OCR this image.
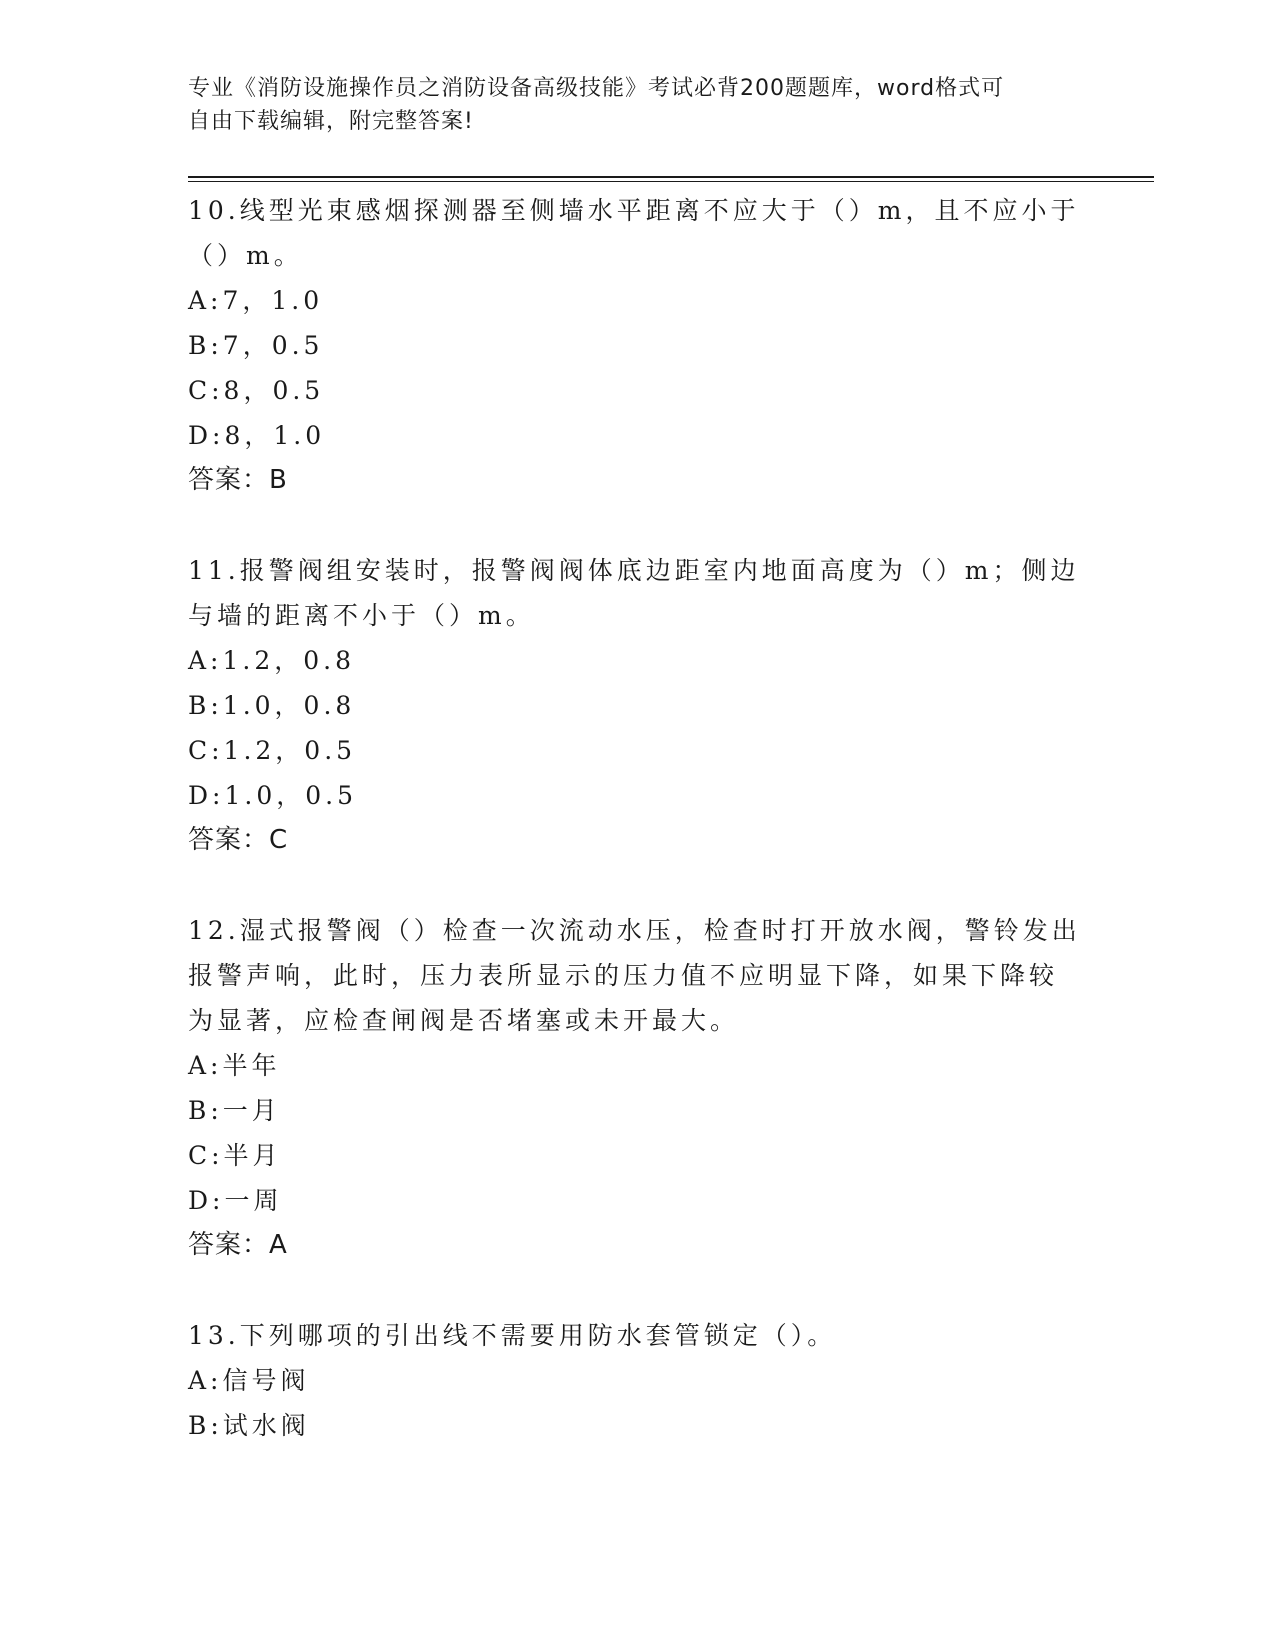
专业《消防设施操作员之消防设备高级技能》考试必背200题题库，word格式可
自由下载编辑，附完整答案!

10.线型光束感烟探测器至侧墙水平距离不应大于（）m，且不应小于

（）m。

A:7，1.0

B:7，0.5

C:8，0.5

D:8，1.0

答案：B

11.报警阀组安装时，报警阀阀体底边距室内地面高度为（）m；侧边

与墙的距离不小于（）m。

A:1.2，0.8

B:1.0，0.8

C:1.2，0.5

D:1.0，0.5

答案：C

12.湿式报警阀（）检查一次流动水压，检查时打开放水阀，警铃发出

报警声响，此时，压力表所显示的压力值不应明显下降，如果下降较

为显著，应检查闸阀是否堵塞或未开最大。

A:半年

B:一月

C:半月

D:一周

答案：A

13.下列哪项的引出线不需要用防水套管锁定（）。

A:信号阀

B:试水阀
